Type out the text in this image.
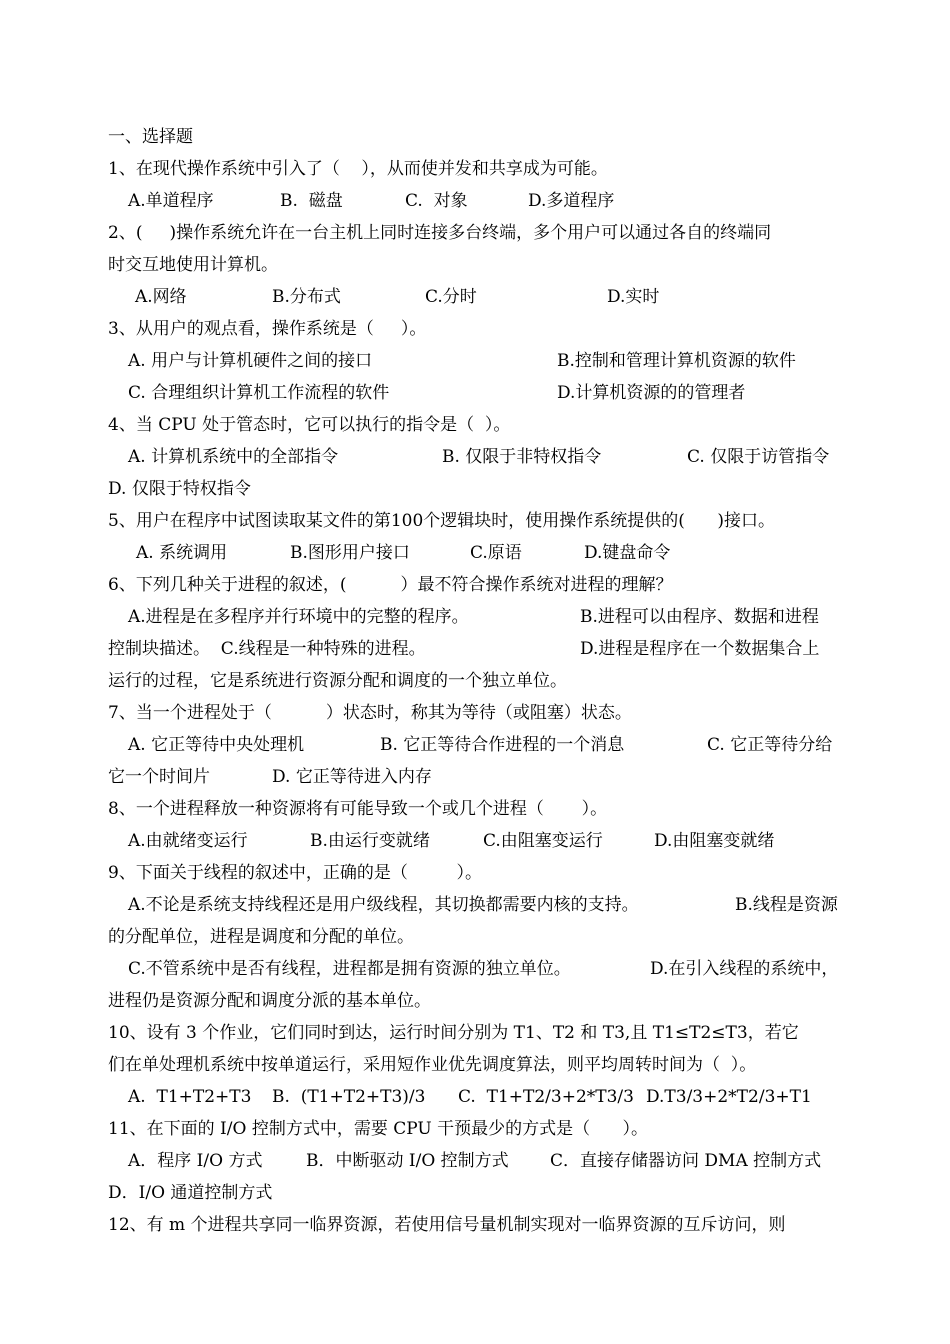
一、选择题
1、在现代操作系统中引入了（    ），从而使并发和共享成为可能。
A.单道程序	B.  磁盘	C.  对象	D.多道程序
2、(     )操作系统允许在一台主机上同时连接多台终端，多个用户可以通过各自的终端同
时交互地使用计算机。
A.网络	B.分布式	C.分时	D.实时
3、从用户的观点看，操作系统是（     ）。
A. 用户与计算机硬件之间的接口	B.控制和管理计算机资源的软件
C. 合理组织计算机工作流程的软件	D.计算机资源的的管理者
4、当 CPU 处于管态时，它可以执行的指令是（  ）。
A. 计算机系统中的全部指令	B. 仅限于非特权指令	C. 仅限于访管指令
D. 仅限于特权指令
5、用户在程序中试图读取某文件的第100个逻辑块时，使用操作系统提供的(      )接口。
A. 系统调用	B.图形用户接口	C.原语	D.键盘命令
6、下列几种关于进程的叙述，(          ）最不符合操作系统对进程的理解？
A.进程是在多程序并行环境中的完整的程序。	B.进程可以由程序、数据和进程
控制块描述。  C.线程是一种特殊的进程。	D.进程是程序在一个数据集合上
运行的过程，它是系统进行资源分配和调度的一个独立单位。
7、当一个进程处于（          ）状态时，称其为等待（或阻塞）状态。
A. 它正等待中央处理机	B. 它正等待合作进程的一个消息	C. 它正等待分给
它一个时间片	D. 它正等待进入内存
8、一个进程释放一种资源将有可能导致一个或几个进程（       ）。
A.由就绪变运行	B.由运行变就绪	C.由阻塞变运行	D.由阻塞变就绪
9、下面关于线程的叙述中，正确的是（         ）。
A.不论是系统支持线程还是用户级线程，其切换都需要内核的支持。	B.线程是资源
的分配单位，进程是调度和分配的单位。
C.不管系统中是否有线程，进程都是拥有资源的独立单位。	D.在引入线程的系统中，
进程仍是资源分配和调度分派的基本单位。
10、设有 3 个作业，它们同时到达，运行时间分别为 T1、T2 和 T3,且 T1≤T2≤T3，若它
们在单处理机系统中按单道运行，采用短作业优先调度算法，则平均周转时间为（  ）。
A.  T1+T2+T3 B.  (T1+T2+T3)/3 C.  T1+T2/3+2*T3/3 D.T3/3+2*T2/3+T1
11、在下面的 I/O 控制方式中，需要 CPU 干预最少的方式是（      ）。
A．程序 I/O 方式	B．中断驱动 I/O 控制方式 C．直接存储器访问 DMA 控制方式
D．I/O 通道控制方式
12、有 m 个进程共享同一临界资源，若使用信号量机制实现对一临界资源的互斥访问，则
